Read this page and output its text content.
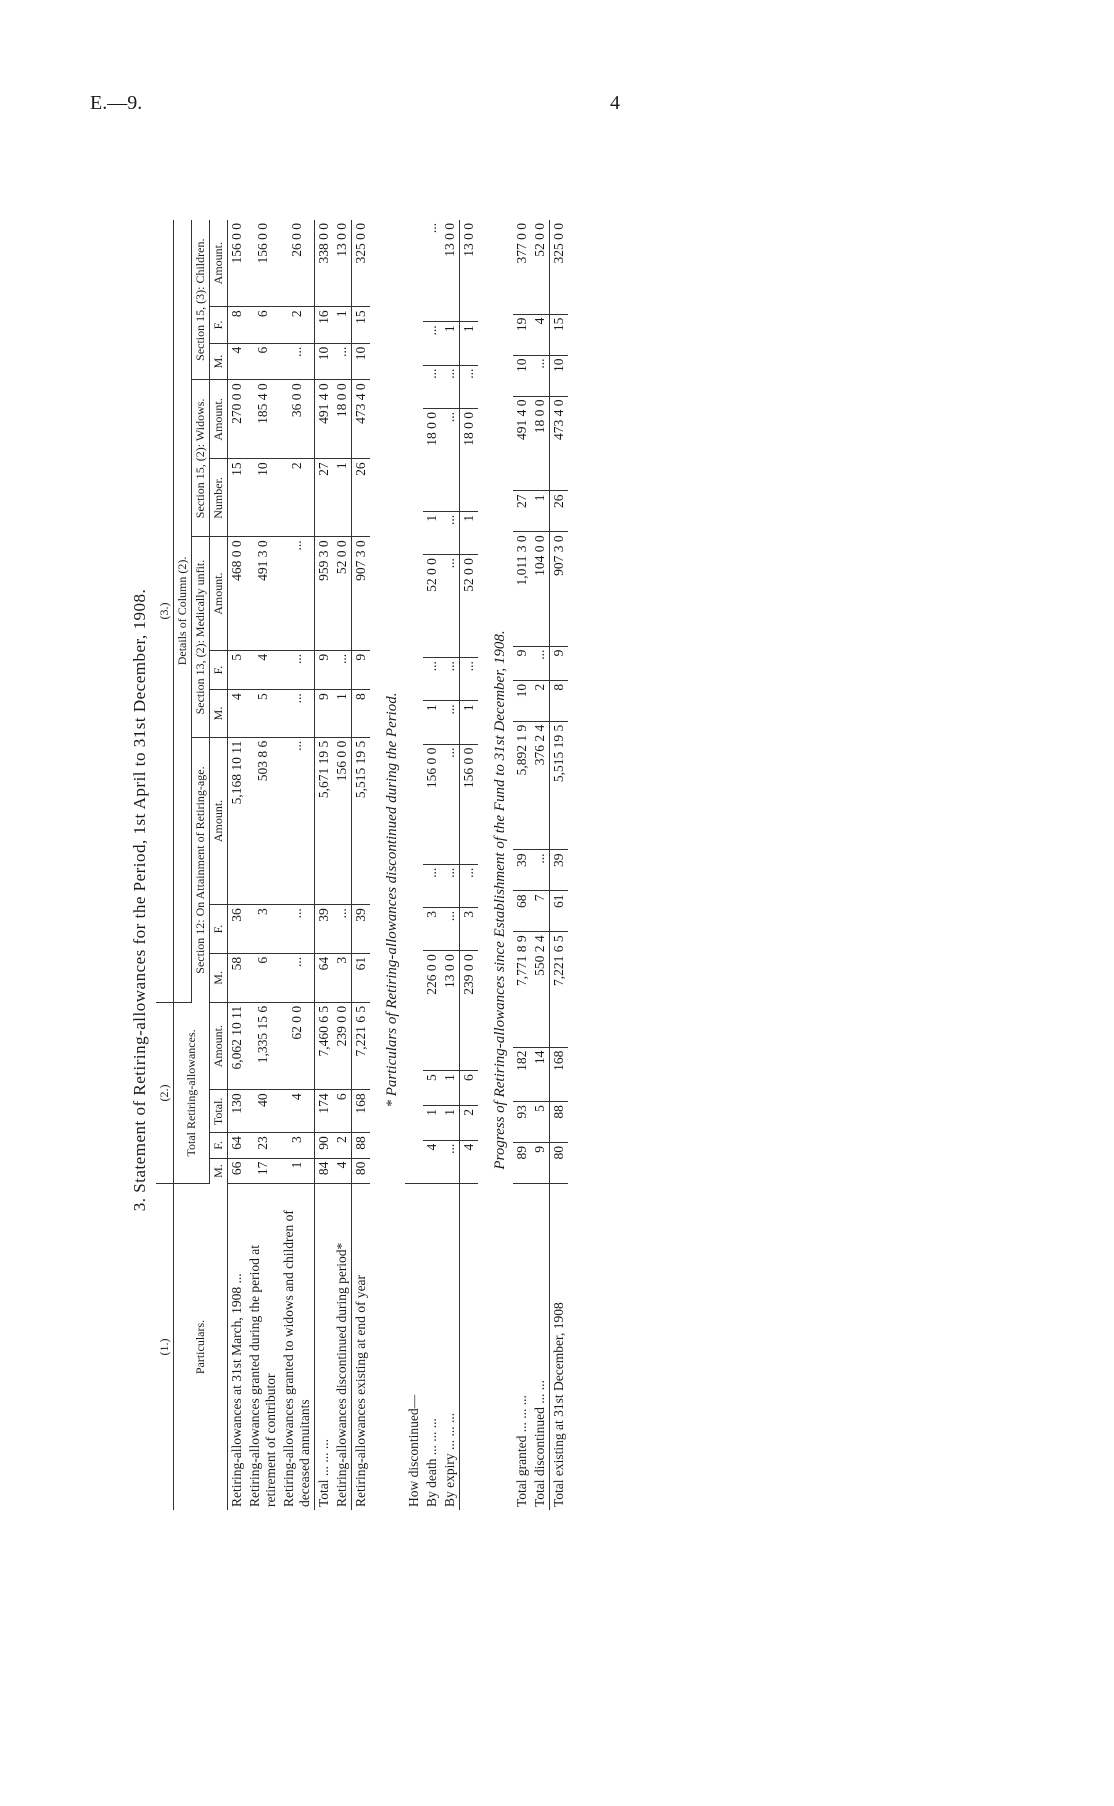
E.—9.	4
3. Statement of Retiring-allowances for the Period, 1st April to 31st December, 1908.
(1.)	(2.)				(3.)										
Particulars.	Total Retiring-allowances.				Details of Column (2).										
					Section 12: On Attainment of Retiring-age.			Section 13, (2): Medically unfit.			Section 15, (2): Widows.		Section 15, (3): Children.		
	M.	F.	Total.	Amount.	M.	F.	Amount.	M.	F.	Amount.	Number.	Amount.	M.	F.	Amount.
Retiring-allowances at 31st March, 1908 ...	66	64	130	6,062 10 11	58	36	5,168 10 11	4	5	468 0 0	15	270 0 0	4	8	156 0 0
Retiring-allowances granted during the period at retirement of contributor	17	23	40	1,335 15 6	6	3	503 8 6	5	4	491 3 0	10	185 4 0	6	6	156 0 0
Retiring-allowances granted to widows and children of deceased annuitants	1	3	4	62 0 0	...	...	...	...	...	...	2	36 0 0	...	2	26 0 0
Total ... ... ...	84	90	174	7,460 6 5	64	39	5,671 19 5	9	9	959 3 0	27	491 4 0	10	16	338 0 0
Retiring-allowances discontinued during period*	4	2	6	239 0 0	3	...	156 0 0	1	...	52 0 0	1	18 0 0	...	1	13 0 0
Retiring-allowances existing at end of year	80	88	168	7,221 6 5	61	39	5,515 19 5	8	9	907 3 0	26	473 4 0	10	15	325 0 0
* Particulars of Retiring-allowances discontinued during the Period.
How discontinued—															
By death ... ... ...	4	1	5	226 0 0	3	...	156 0 0	1	...	52 0 0	1	18 0 0	...	...	...
By expiry ... ... ...	...	1	1	13 0 0	...	...	...	...	...	...	...	...	...	1	13 0 0
	4	2	6	239 0 0	3	...	156 0 0	1	...	52 0 0	1	18 0 0	...	1	13 0 0
Progress of Retiring-allowances since Establishment of the Fund to 31st December, 1908.
Total granted ... ... ...	89	93	182	7,771 8 9	68	39	5,892 1 9	10	9	1,011 3 0	27	491 4 0	10	19	377 0 0
Total discontinued ... ...	9	5	14	550 2 4	7	...	376 2 4	2	...	104 0 0	1	18 0 0	...	4	52 0 0
Total existing at 31st December, 1908	80	88	168	7,221 6 5	61	39	5,515 19 5	8	9	907 3 0	26	473 4 0	10	15	325 0 0
